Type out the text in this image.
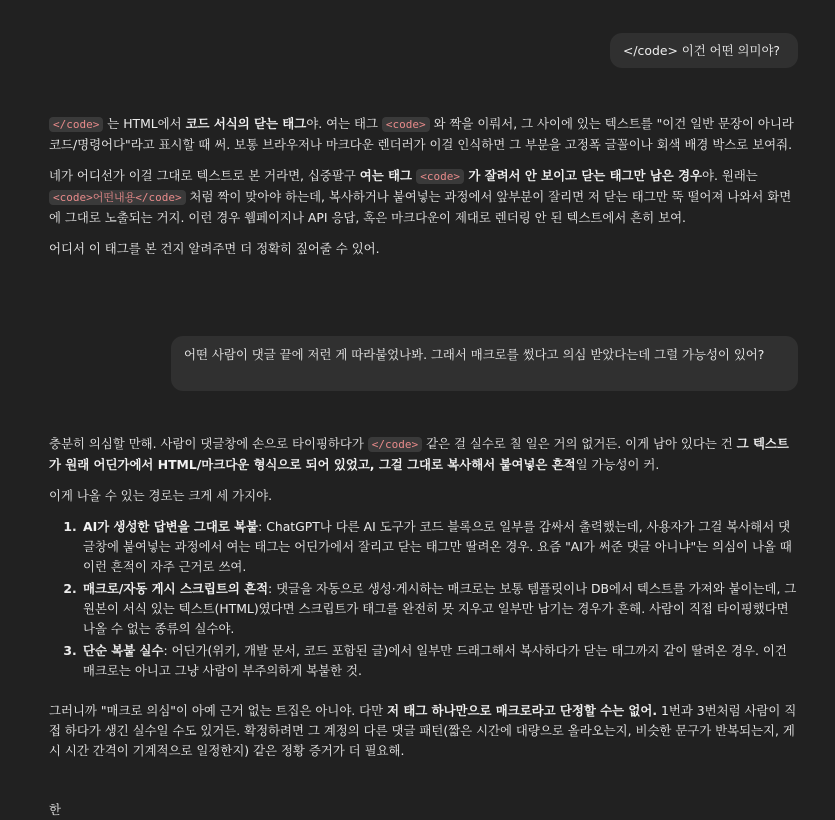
</code> 이건 어떤 의미야?

</code> 는 HTML에서 코드 서식의 닫는 태그야. 여는 태그 <code> 와 짝을 이뤄서, 그 사이에 있는 텍스트를 "이건 일반 문장이 아니라 코드/명령어다"라고 표시할 때 써. 보통 브라우저나 마크다운 렌더러가 이걸 인식하면 그 부분을 고정폭 글꼴이나 회색 배경 박스로 보여줘.

네가 어디선가 이걸 그대로 텍스트로 본 거라면, 십중팔구 여는 태그 <code> 가 잘려서 안 보이고 닫는 태그만 남은 경우야. 원래는 <code>어떤내용</code> 처럼 짝이 맞아야 하는데, 복사하거나 붙여넣는 과정에서 앞부분이 잘리면 저 닫는 태그만 뚝 떨어져 나와서 화면에 그대로 노출되는 거지. 이런 경우 웹페이지나 API 응답, 혹은 마크다운이 제대로 렌더링 안 된 텍스트에서 흔히 보여.

어디서 이 태그를 본 건지 알려주면 더 정확히 짚어줄 수 있어.

어떤 사람이 댓글 끝에 저런 게 따라붙었나봐. 그래서 매크로를 썼다고 의심 받았다는데 그럴 가능성이 있어?

충분히 의심할 만해. 사람이 댓글창에 손으로 타이핑하다가 </code> 같은 걸 실수로 칠 일은 거의 없거든. 이게 남아 있다는 건 그 텍스트가 원래 어딘가에서 HTML/마크다운 형식으로 되어 있었고, 그걸 그대로 복사해서 붙여넣은 흔적일 가능성이 커.

이게 나올 수 있는 경로는 크게 세 가지야.

1. AI가 생성한 답변을 그대로 복붙: ChatGPT나 다른 AI 도구가 코드 블록으로 일부를 감싸서 출력했는데, 사용자가 그걸 복사해서 댓글창에 붙여넣는 과정에서 여는 태그는 어딘가에서 잘리고 닫는 태그만 딸려온 경우. 요즘 "AI가 써준 댓글 아니냐"는 의심이 나올 때 이런 흔적이 자주 근거로 쓰여.
2. 매크로/자동 게시 스크립트의 흔적: 댓글을 자동으로 생성·게시하는 매크로는 보통 템플릿이나 DB에서 텍스트를 가져와 붙이는데, 그 원본이 서식 있는 텍스트(HTML)였다면 스크립트가 태그를 완전히 못 지우고 일부만 남기는 경우가 흔해. 사람이 직접 타이핑했다면 나올 수 없는 종류의 실수야.
3. 단순 복붙 실수: 어딘가(위키, 개발 문서, 코드 포함된 글)에서 일부만 드래그해서 복사하다가 닫는 태그까지 같이 딸려온 경우. 이건 매크로는 아니고 그냥 사람이 부주의하게 복붙한 것.

그러니까 "매크로 의심"이 아예 근거 없는 트집은 아니야. 다만 저 태그 하나만으로 매크로라고 단정할 수는 없어. 1번과 3번처럼 사람이 직접 하다가 생긴 실수일 수도 있거든. 확정하려면 그 계정의 다른 댓글 패턴(짧은 시간에 대량으로 올라오는지, 비슷한 문구가 반복되는지, 게시 시간 간격이 기계적으로 일정한지) 같은 정황 증거가 더 필요해.

한
